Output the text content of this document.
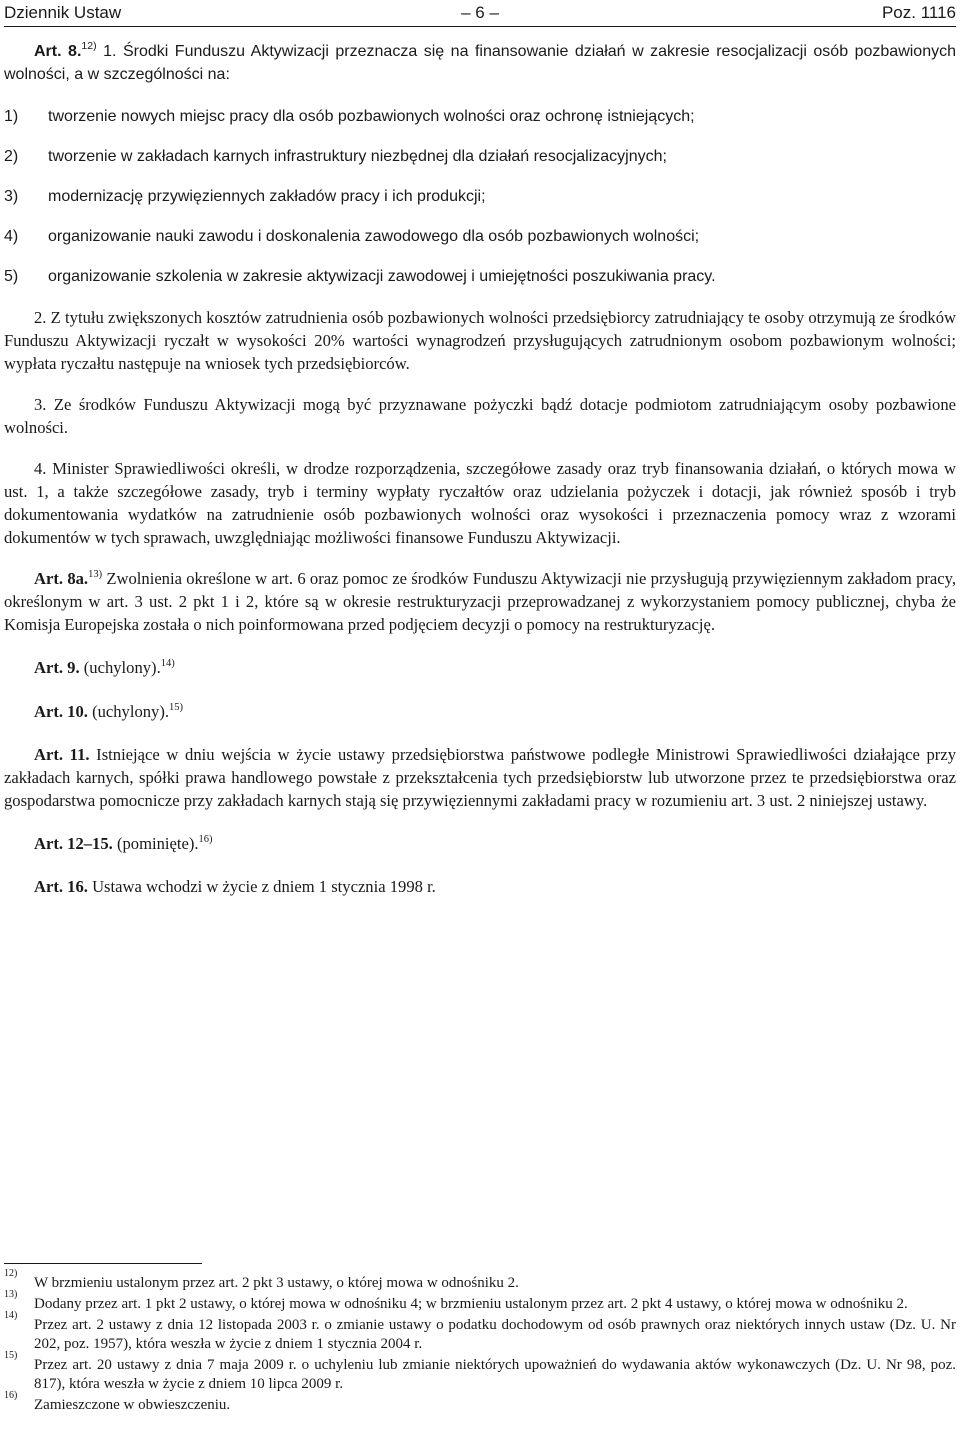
Dziennik Ustaw	– 6 –	Poz. 1116

Art. 8.$^{12)}$ 1. Środki Funduszu Aktywizacji przeznacza się na finansowanie działań w zakresie resocjalizacji osób pozbawionych wolności, a w szczególności na:

1) tworzenie nowych miejsc pracy dla osób pozbawionych wolności oraz ochronę istniejących;

2) tworzenie w zakładach karnych infrastruktury niezbędnej dla działań resocjalizacyjnych;

3) modernizację przywięziennych zakładów pracy i ich produkcji;

4) organizowanie nauki zawodu i doskonalenia zawodowego dla osób pozbawionych wolności;

5) organizowanie szkolenia w zakresie aktywizacji zawodowej i umiejętności poszukiwania pracy.

2. Z tytułu zwiększonych kosztów zatrudnienia osób pozbawionych wolności przedsiębiorcy zatrudniający te osoby otrzymują ze środków Funduszu Aktywizacji ryczałt w wysokości 20% wartości wynagrodzeń przysługujących zatrudnionym osobom pozbawionym wolności; wypłata ryczałtu następuje na wniosek tych przedsiębiorców.

3. Ze środków Funduszu Aktywizacji mogą być przyznawane pożyczki bądź dotacje podmiotom zatrudniającym osoby pozbawione wolności.

4. Minister Sprawiedliwości określi, w drodze rozporządzenia, szczegółowe zasady oraz tryb finansowania działań, o których mowa w ust. 1, a także szczegółowe zasady, tryb i terminy wypłaty ryczałtów oraz udzielania pożyczek i dotacji, jak również sposób i tryb dokumentowania wydatków na zatrudnienie osób pozbawionych wolności oraz wysokości i przeznaczenia pomocy wraz z wzorami dokumentów w tych sprawach, uwzględniając możliwości finansowe Funduszu Aktywizacji.

Art. 8a.$^{13)}$ Zwolnienia określone w art. 6 oraz pomoc ze środków Funduszu Aktywizacji nie przysługują przywięziennym zakładom pracy, określonym w art. 3 ust. 2 pkt 1 i 2, które są w okresie restrukturyzacji przeprowadzanej z wykorzystaniem pomocy publicznej, chyba że Komisja Europejska została o nich poinformowana przed podjęciem decyzji o pomocy na restrukturyzację.

Art. 9. (uchylony).$^{14)}$

Art. 10. (uchylony).$^{15)}$

Art. 11. Istniejące w dniu wejścia w życie ustawy przedsiębiorstwa państwowe podległe Ministrowi Sprawiedliwości działające przy zakładach karnych, spółki prawa handlowego powstałe z przekształcenia tych przedsiębiorstw lub utworzone przez te przedsiębiorstwa oraz gospodarstwa pomocnicze przy zakładach karnych stają się przywięziennymi zakładami pracy w rozumieniu art. 3 ust. 2 niniejszej ustawy.

Art. 12–15. (pominięte).$^{16)}$

Art. 16. Ustawa wchodzi w życie z dniem 1 stycznia 1998 r.

12)
W brzmieniu ustalonym przez art. 2 pkt 3 ustawy, o której mowa w odnośniku 2.

13)
Dodany przez art. 1 pkt 2 ustawy, o której mowa w odnośniku 4; w brzmieniu ustalonym przez art. 2 pkt 4 ustawy, o której mowa w odnośniku 2.

14)
Przez art. 2 ustawy z dnia 12 listopada 2003 r. o zmianie ustawy o podatku dochodowym od osób prawnych oraz niektórych innych ustaw (Dz. U. Nr 202, poz. 1957), która weszła w życie z dniem 1 stycznia 2004 r.

15)
Przez art. 20 ustawy z dnia 7 maja 2009 r. o uchyleniu lub zmianie niektórych upoważnień do wydawania aktów wykonawczych (Dz. U. Nr 98, poz. 817), która weszła w życie z dniem 10 lipca 2009 r.

16)
Zamieszczone w obwieszczeniu.
